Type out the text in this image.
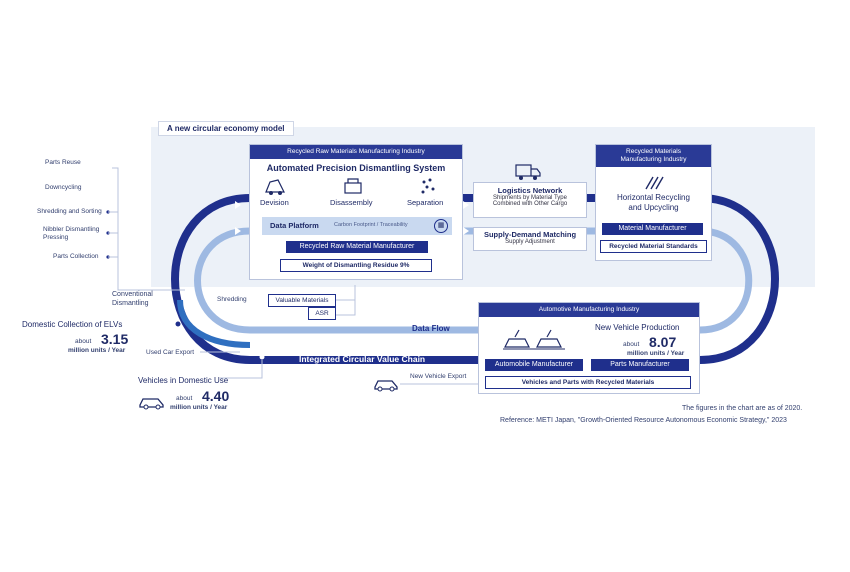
A new circular economy model
Recycled Raw Materials Manufacturing Industry
Automated Precision Dismantling System
Devision	Disassembly	Separation
Data Platform	Carbon Footprint / Traceability	▦
Recycled Raw Material Manufacturer
Weight of Dismantling Residue 9%
Logistics Network
Shipments by Material Type
Combined with Other Cargo
Supply-Demand Matching
Supply Adjustment
Recycled Materials
Manufacturing Industry
Horizontal Recycling
and Upcycling
Material Manufacturer
Recycled Material Standards
Parts Reuse
Downcycling
Shredding and Sorting
Nibbler Dismantling
Pressing
Parts Collection
Conventional
Dismantling
Shredding	Valuable Materials
ASR
Data Flow
Integrated Circular Value Chain
Domestic Collection of ELVs
about 3.15
million units / Year	Used Car Export
Vehicles in Domestic Use
about 4.40
million units / Year
New Vehicle Export
Automotive Manufacturing Industry
New Vehicle Production
about 8.07
million units / Year
Automobile Manufacturer	Parts Manufacturer
Vehicles and Parts with Recycled Materials
The figures in the chart are as of 2020.
Reference: METI Japan, "Growth-Oriented Resource Autonomous Economic Strategy," 2023
